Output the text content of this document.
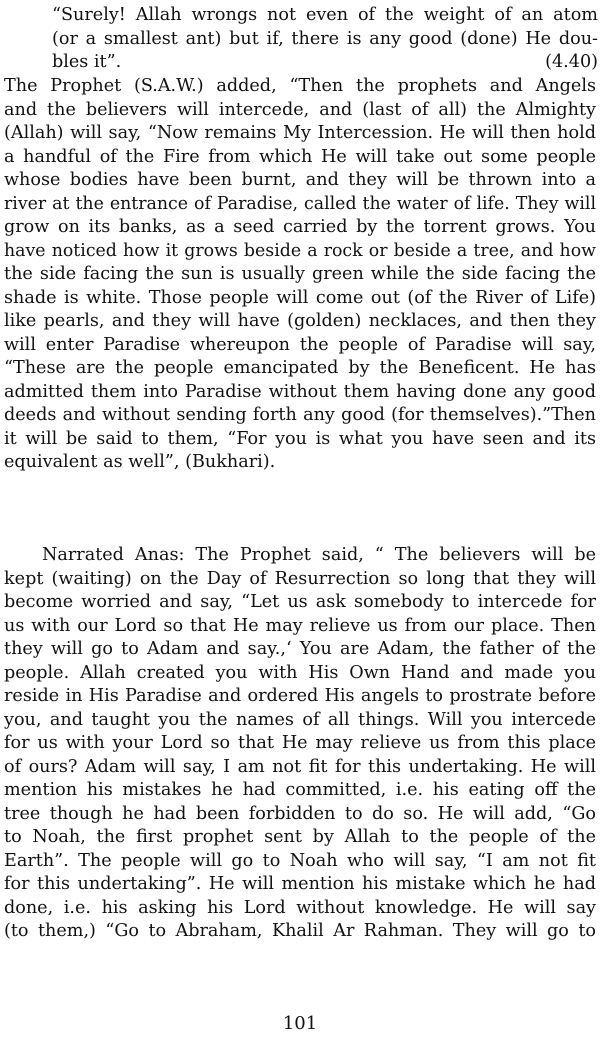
“Surely! Allah wrongs not even of the weight of an atom
(or a smallest ant) but if, there is any good (done) He dou-
bles it”.	(4.40)
The Prophet (S.A.W.) added, “Then the prophets and Angels
and the believers will intercede, and (last of all) the Almighty
(Allah) will say, “Now remains My Intercession. He will then hold
a handful of the Fire from which He will take out some people
whose bodies have been burnt, and they will be thrown into a
river at the entrance of Paradise, called the water of life. They will
grow on its banks, as a seed carried by the torrent grows. You
have noticed how it grows beside a rock or beside a tree, and how
the side facing the sun is usually green while the side facing the
shade is white. Those people will come out (of the River of Life)
like pearls, and they will have (golden) necklaces, and then they
will enter Paradise whereupon the people of Paradise will say,
“These are the people emancipated by the Beneficent. He has
admitted them into Paradise without them having done any good
deeds and without sending forth any good (for themselves).”Then
it will be said to them, “For you is what you have seen and its
equivalent as well”, (Bukhari).
Narrated Anas: The Prophet said, “ The believers will be
kept (waiting) on the Day of Resurrection so long that they will
become worried and say, “Let us ask somebody to intercede for
us with our Lord so that He may relieve us from our place. Then
they will go to Adam and say.,‘ You are Adam, the father of the
people. Allah created you with His Own Hand and made you
reside in His Paradise and ordered His angels to prostrate before
you, and taught you the names of all things. Will you intercede
for us with your Lord so that He may relieve us from this place
of ours? Adam will say, I am not fit for this undertaking. He will
mention his mistakes he had committed, i.e. his eating off the
tree though he had been forbidden to do so. He will add, “Go
to Noah, the first prophet sent by Allah to the people of the
Earth”. The people will go to Noah who will say, “I am not fit
for this undertaking”. He will mention his mistake which he had
done, i.e. his asking his Lord without knowledge. He will say
(to them,) “Go to Abraham, Khalil Ar Rahman. They will go to
101
